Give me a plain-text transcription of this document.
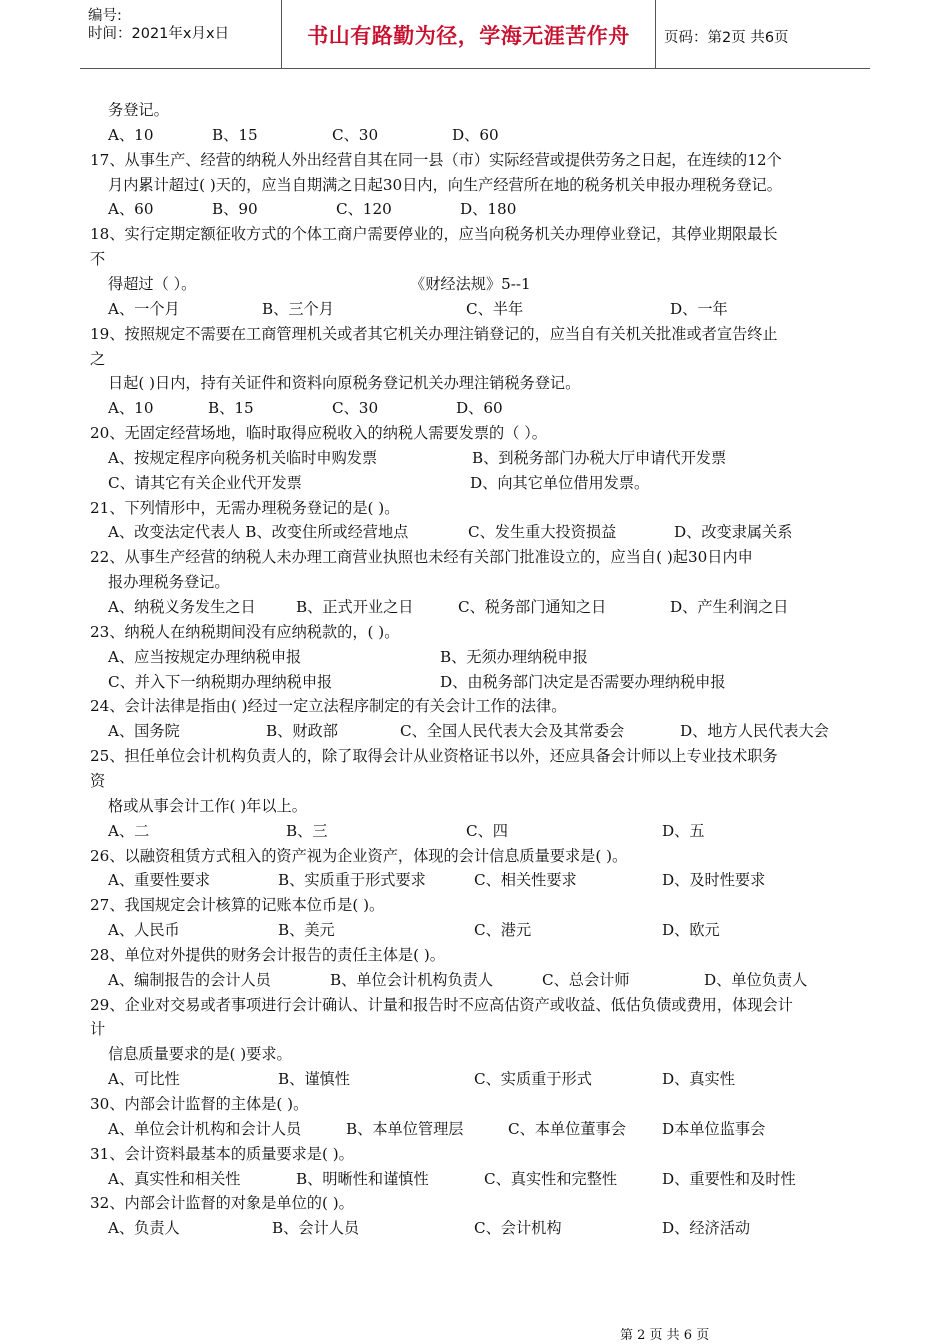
编号:
时间：2021年x月x日	书山有路勤为径，学海无涯苦作舟	页码：第2页 共6页
务登记。
A、10	B、15	C、30	D、60
17、从事生产、经营的纳税人外出经营自其在同一县（市）实际经营或提供劳务之日起，在连续的12个
月内累计超过( )天的，应当自期满之日起30日内，向生产经营所在地的税务机关申报办理税务登记。
A、60	B、90	C、120	D、180
18、实行定期定额征收方式的个体工商户需要停业的，应当向税务机关办理停业登记，其停业期限最长
不
得超过（ ）。	《财经法规》5--1
A、一个月	B、三个月	C、半年	D、一年
19、按照规定不需要在工商管理机关或者其它机关办理注销登记的，应当自有关机关批准或者宣告终止
之
日起( )日内，持有关证件和资料向原税务登记机关办理注销税务登记。
A、10	B、15	C、30	D、60
20、无固定经营场地，临时取得应税收入的纳税人需要发票的（ ）。
A、按规定程序向税务机关临时申购发票	B、到税务部门办税大厅申请代开发票
C、请其它有关企业代开发票	D、向其它单位借用发票。
21、下列情形中，无需办理税务登记的是( )。
A、改变法定代表人 B、改变住所或经营地点	C、发生重大投资损益	D、改变隶属关系
22、从事生产经营的纳税人未办理工商营业执照也未经有关部门批准设立的，应当自( )起30日内申
报办理税务登记。
A、纳税义务发生之日	B、正式开业之日	C、税务部门通知之日	D、产生利润之日
23、纳税人在纳税期间没有应纳税款的，( )。
A、应当按规定办理纳税申报	B、无须办理纳税申报
C、并入下一纳税期办理纳税申报	D、由税务部门决定是否需要办理纳税申报
24、会计法律是指由( )经过一定立法程序制定的有关会计工作的法律。
A、国务院	B、财政部	C、全国人民代表大会及其常委会	D、地方人民代表大会
25、担任单位会计机构负责人的，除了取得会计从业资格证书以外，还应具备会计师以上专业技术职务
资
格或从事会计工作( )年以上。
A、二	B、三	C、四	D、五
26、以融资租赁方式租入的资产视为企业资产，体现的会计信息质量要求是( )。
A、重要性要求	B、实质重于形式要求	C、相关性要求	D、及时性要求
27、我国规定会计核算的记账本位币是( )。
A、人民币	B、美元	C、港元	D、欧元
28、单位对外提供的财务会计报告的责任主体是( )。
A、编制报告的会计人员	B、单位会计机构负责人	C、总会计师	D、单位负责人
29、企业对交易或者事项进行会计确认、计量和报告时不应高估资产或收益、低估负债或费用，体现会计
计
信息质量要求的是( )要求。
A、可比性	B、谨慎性	C、实质重于形式	D、真实性
30、内部会计监督的主体是( )。
A、单位会计机构和会计人员	B、本单位管理层	C、本单位董事会 D本单位监事会
31、会计资料最基本的质量要求是( )。
A、真实性和相关性	B、明晰性和谨慎性	C、真实性和完整性	D、重要性和及时性
32、内部会计监督的对象是单位的( )。
A、负责人	B、会计人员	C、会计机构	D、经济活动
第 2 页 共 6 页
